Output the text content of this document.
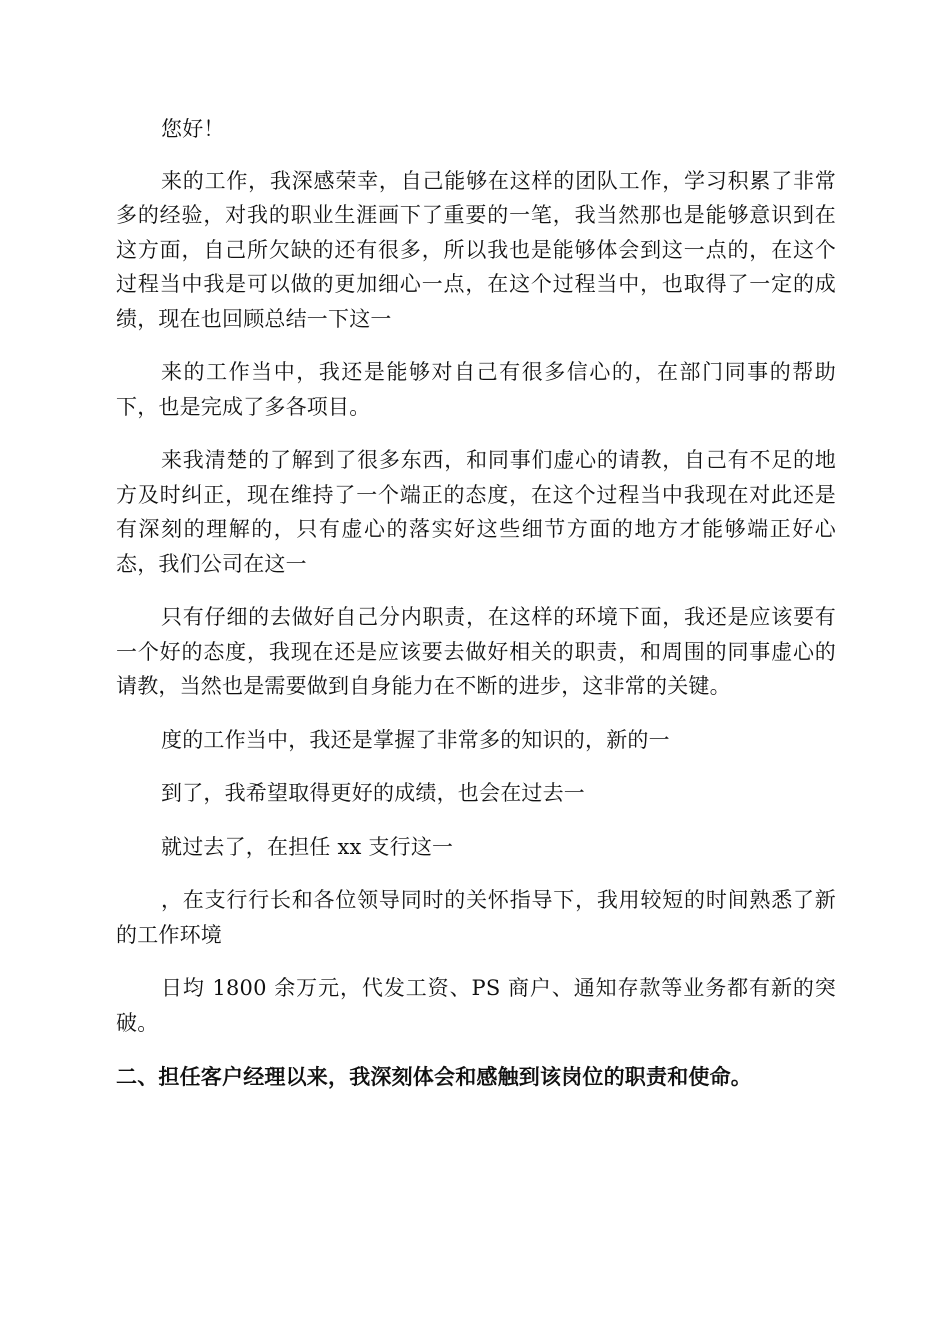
您好！

来的工作，我深感荣幸，自己能够在这样的团队工作，学习积累了非常多的经验，对我的职业生涯画下了重要的一笔，我当然那也是能够意识到在这方面，自己所欠缺的还有很多，所以我也是能够体会到这一点的，在这个过程当中我是可以做的更加细心一点，在这个过程当中，也取得了一定的成绩，现在也回顾总结一下这一

来的工作当中，我还是能够对自己有很多信心的，在部门同事的帮助下，也是完成了多各项目。

来我清楚的了解到了很多东西，和同事们虚心的请教，自己有不足的地方及时纠正，现在维持了一个端正的态度，在这个过程当中我现在对此还是有深刻的理解的，只有虚心的落实好这些细节方面的地方才能够端正好心态，我们公司在这一

只有仔细的去做好自己分内职责，在这样的环境下面，我还是应该要有一个好的态度，我现在还是应该要去做好相关的职责，和周围的同事虚心的请教，当然也是需要做到自身能力在不断的进步，这非常的关键。

度的工作当中，我还是掌握了非常多的知识的，新的一

到了，我希望取得更好的成绩，也会在过去一

就过去了，在担任 xx 支行这一

，在支行行长和各位领导同时的关怀指导下，我用较短的时间熟悉了新的工作环境

日均 1800 余万元，代发工资、PS 商户、通知存款等业务都有新的突破。

二、担任客户经理以来，我深刻体会和感触到该岗位的职责和使命。
